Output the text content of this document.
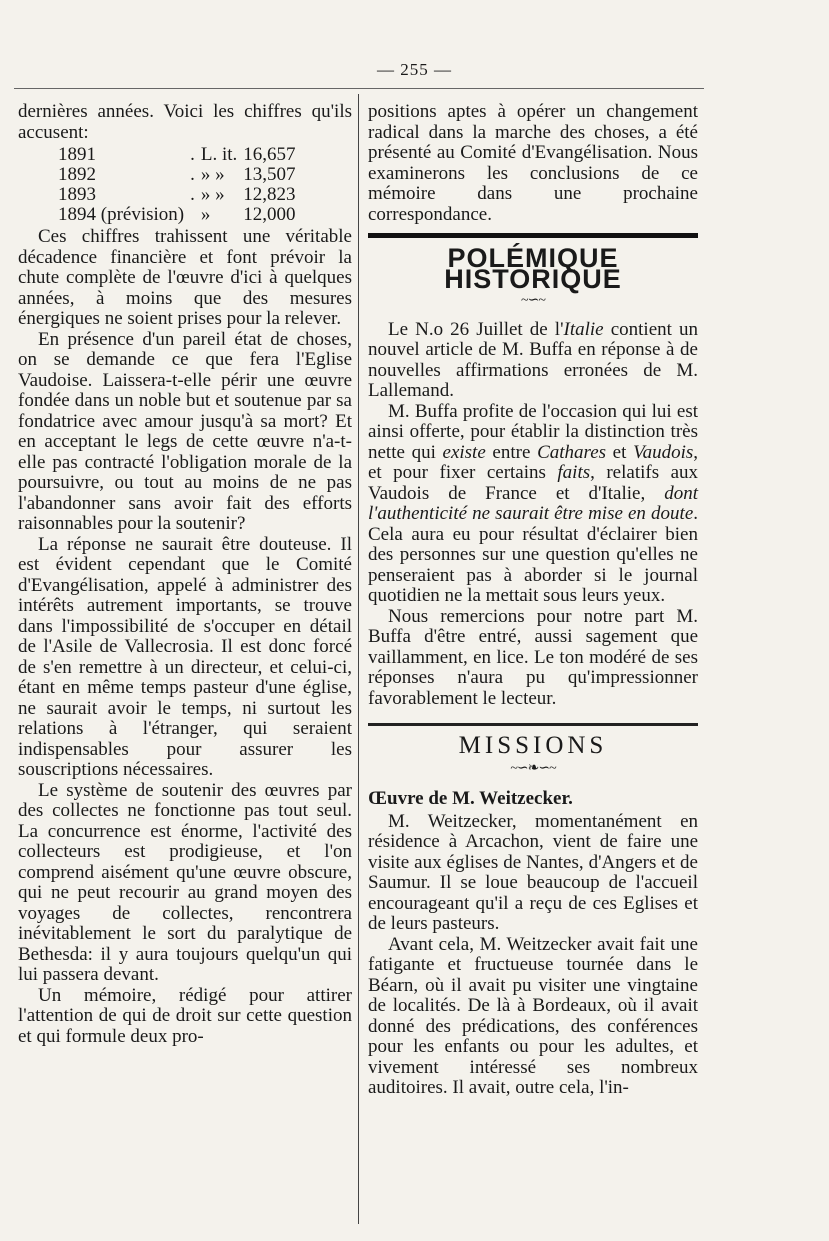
— 255 —

dernières années. Voici les chiffres qu'ils accusent:

1891	.	L. it.	16,657
1892	.	» »	13,507
1893	.	» »	12,823
1894 (prévision)		»	12,000

Ces chiffres trahissent une véritable décadence financière et font prévoir la chute complète de l'œuvre d'ici à quelques années, à moins que des mesures énergiques ne soient prises pour la relever.

En présence d'un pareil état de choses, on se demande ce que fera l'Eglise Vaudoise. Laissera-t-elle périr une œuvre fondée dans un noble but et soutenue par sa fondatrice avec amour jusqu'à sa mort? Et en acceptant le legs de cette œuvre n'a-t-elle pas contracté l'obligation morale de la poursuivre, ou tout au moins de ne pas l'abandonner sans avoir fait des efforts raisonnables pour la soutenir?

La réponse ne saurait être douteuse. Il est évident cependant que le Comité d'Evangélisation, appelé à administrer des intérêts autrement importants, se trouve dans l'impossibilité de s'occuper en détail de l'Asile de Vallecrosia. Il est donc forcé de s'en remettre à un directeur, et celui-ci, étant en même temps pasteur d'une église, ne saurait avoir le temps, ni surtout les relations à l'étranger, qui seraient indispensables pour assurer les souscriptions nécessaires.

Le système de soutenir des œuvres par des collectes ne fonctionne pas tout seul. La concurrence est énorme, l'activité des collecteurs est prodigieuse, et l'on comprend aisément qu'une œuvre obscure, qui ne peut recourir au grand moyen des voyages de collectes, rencontrera inévitablement le sort du paralytique de Bethesda: il y aura toujours quelqu'un qui lui passera devant.

Un mémoire, rédigé pour attirer l'attention de qui de droit sur cette question et qui formule deux pro-

positions aptes à opérer un changement radical dans la marche des choses, a été présenté au Comité d'Evangélisation. Nous examinerons les conclusions de ce mémoire dans une prochaine correspondance.

POLÉMIQUE HISTORIQUE
~∽~

Le N.o 26 Juillet de l'Italie contient un nouvel article de M. Buffa en réponse à de nouvelles affirmations erronées de M. Lallemand.

M. Buffa profite de l'occasion qui lui est ainsi offerte, pour établir la distinction très nette qui existe entre Cathares et Vaudois, et pour fixer certains faits, relatifs aux Vaudois de France et d'Italie, dont l'authenticité ne saurait être mise en doute. Cela aura eu pour résultat d'éclairer bien des personnes sur une question qu'elles ne penseraient pas à aborder si le journal quotidien ne la mettait sous leurs yeux.

Nous remercions pour notre part M. Buffa d'être entré, aussi sagement que vaillamment, en lice. Le ton modéré de ses réponses n'aura pu qu'impressionner favorablement le lecteur.

MISSIONS
~∽❧∽~
Œuvre de M. Weitzecker.

M. Weitzecker, momentanément en résidence à Arcachon, vient de faire une visite aux églises de Nantes, d'Angers et de Saumur. Il se loue beaucoup de l'accueil encourageant qu'il a reçu de ces Eglises et de leurs pasteurs.

Avant cela, M. Weitzecker avait fait une fatigante et fructueuse tournée dans le Béarn, où il avait pu visiter une vingtaine de localités. De là à Bordeaux, où il avait donné des prédications, des conférences pour les enfants ou pour les adultes, et vivement intéressé ses nombreux auditoires. Il avait, outre cela, l'in-
